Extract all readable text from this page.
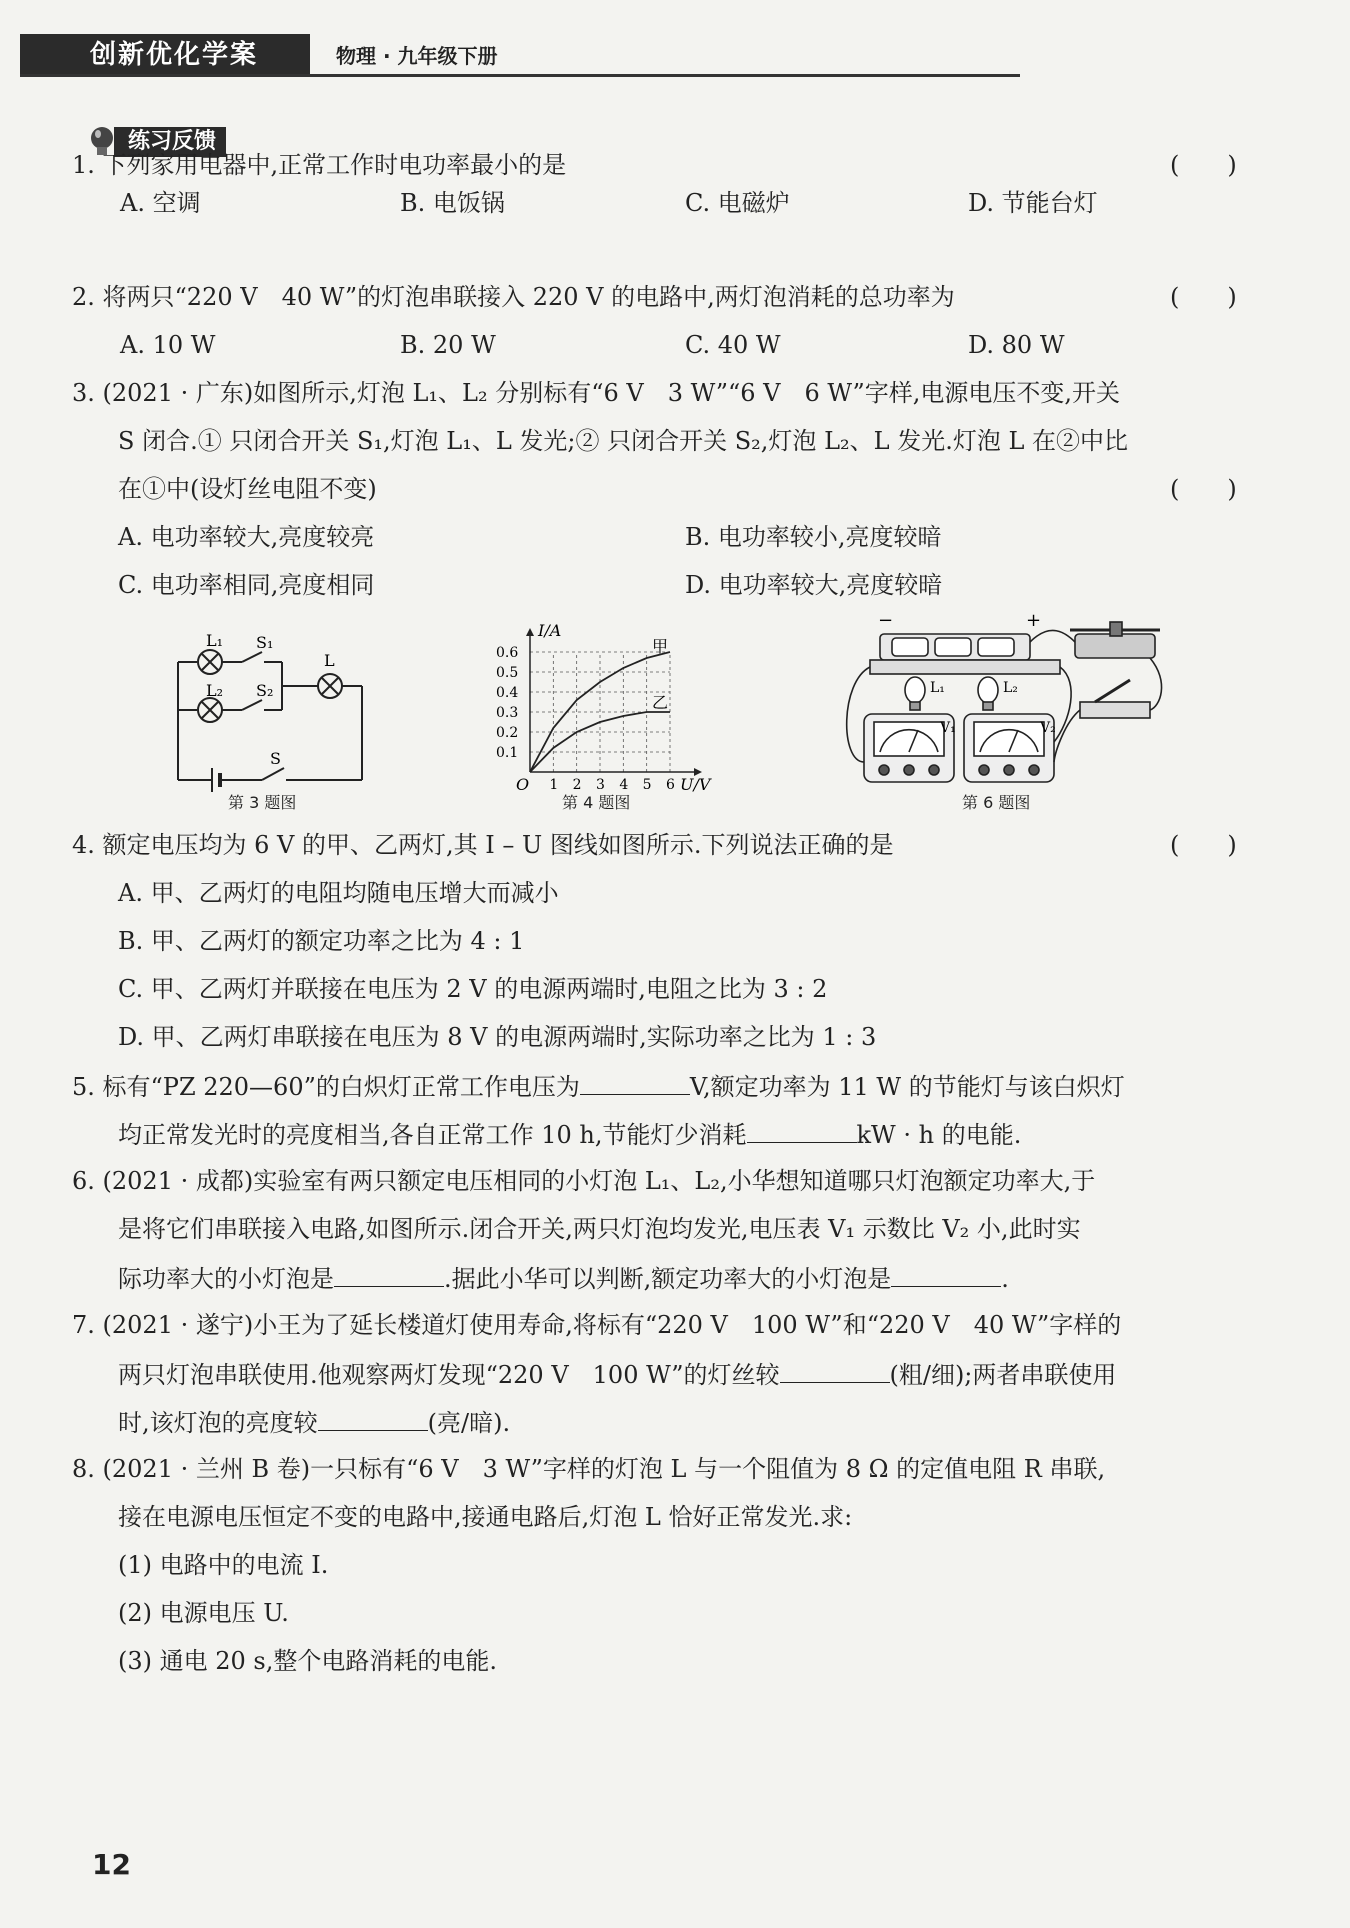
创新优化学案	物理 · 九年级下册
练习反馈
1. 下列家用电器中,正常工作时电功率最小的是	(　　)
A. 空调	B. 电饭锅	C. 电磁炉	D. 节能台灯
2. 将两只“220 V　40 W”的灯泡串联接入 220 V 的电路中,两灯泡消耗的总功率为	(　　)
A. 10 W	B. 20 W	C. 40 W	D. 80 W
3. (2021 · 广东)如图所示,灯泡 L₁、L₂ 分别标有“6 V　3 W”“6 V　6 W”字样,电源电压不变,开关
S 闭合.① 只闭合开关 S₁,灯泡 L₁、L 发光;② 只闭合开关 S₂,灯泡 L₂、L 发光.灯泡 L 在②中比
在①中(设灯丝电阻不变)	(　　)
A. 电功率较大,亮度较亮	B. 电功率较小,亮度较暗
C. 电功率相同,亮度相同	D. 电功率较大,亮度较暗
L₁
L₂
S₁
S₂
L
S
第 3 题图
0.1
0.2
0.3
0.4
0.5
0.6
1 2 3 4 5 6
I/A
U/V
O
甲
乙
第 4 题图
−	+
L₁	L₂
V₁	V₂
第 6 题图
4. 额定电压均为 6 V 的甲、乙两灯,其 I – U 图线如图所示.下列说法正确的是	(　　)
A. 甲、乙两灯的电阻均随电压增大而减小
B. 甲、乙两灯的额定功率之比为 4 : 1
C. 甲、乙两灯并联接在电压为 2 V 的电源两端时,电阻之比为 3 : 2
D. 甲、乙两灯串联接在电压为 8 V 的电源两端时,实际功率之比为 1 : 3
5. 标有“PZ 220—60”的白炽灯正常工作电压为	V,额定功率为 11 W 的节能灯与该白炽灯
均正常发光时的亮度相当,各自正常工作 10 h,节能灯少消耗	kW · h 的电能.
6. (2021 · 成都)实验室有两只额定电压相同的小灯泡 L₁、L₂,小华想知道哪只灯泡额定功率大,于
是将它们串联接入电路,如图所示.闭合开关,两只灯泡均发光,电压表 V₁ 示数比 V₂ 小,此时实
际功率大的小灯泡是	.据此小华可以判断,额定功率大的小灯泡是	.
7. (2021 · 遂宁)小王为了延长楼道灯使用寿命,将标有“220 V　100 W”和“220 V　40 W”字样的
两只灯泡串联使用.他观察两灯发现“220 V　100 W”的灯丝较	(粗/细);两者串联使用
时,该灯泡的亮度较	(亮/暗).
8. (2021 · 兰州 B 卷)一只标有“6 V　3 W”字样的灯泡 L 与一个阻值为 8 Ω 的定值电阻 R 串联,
接在电源电压恒定不变的电路中,接通电路后,灯泡 L 恰好正常发光.求:
(1) 电路中的电流 I.
(2) 电源电压 U.
(3) 通电 20 s,整个电路消耗的电能.
12
